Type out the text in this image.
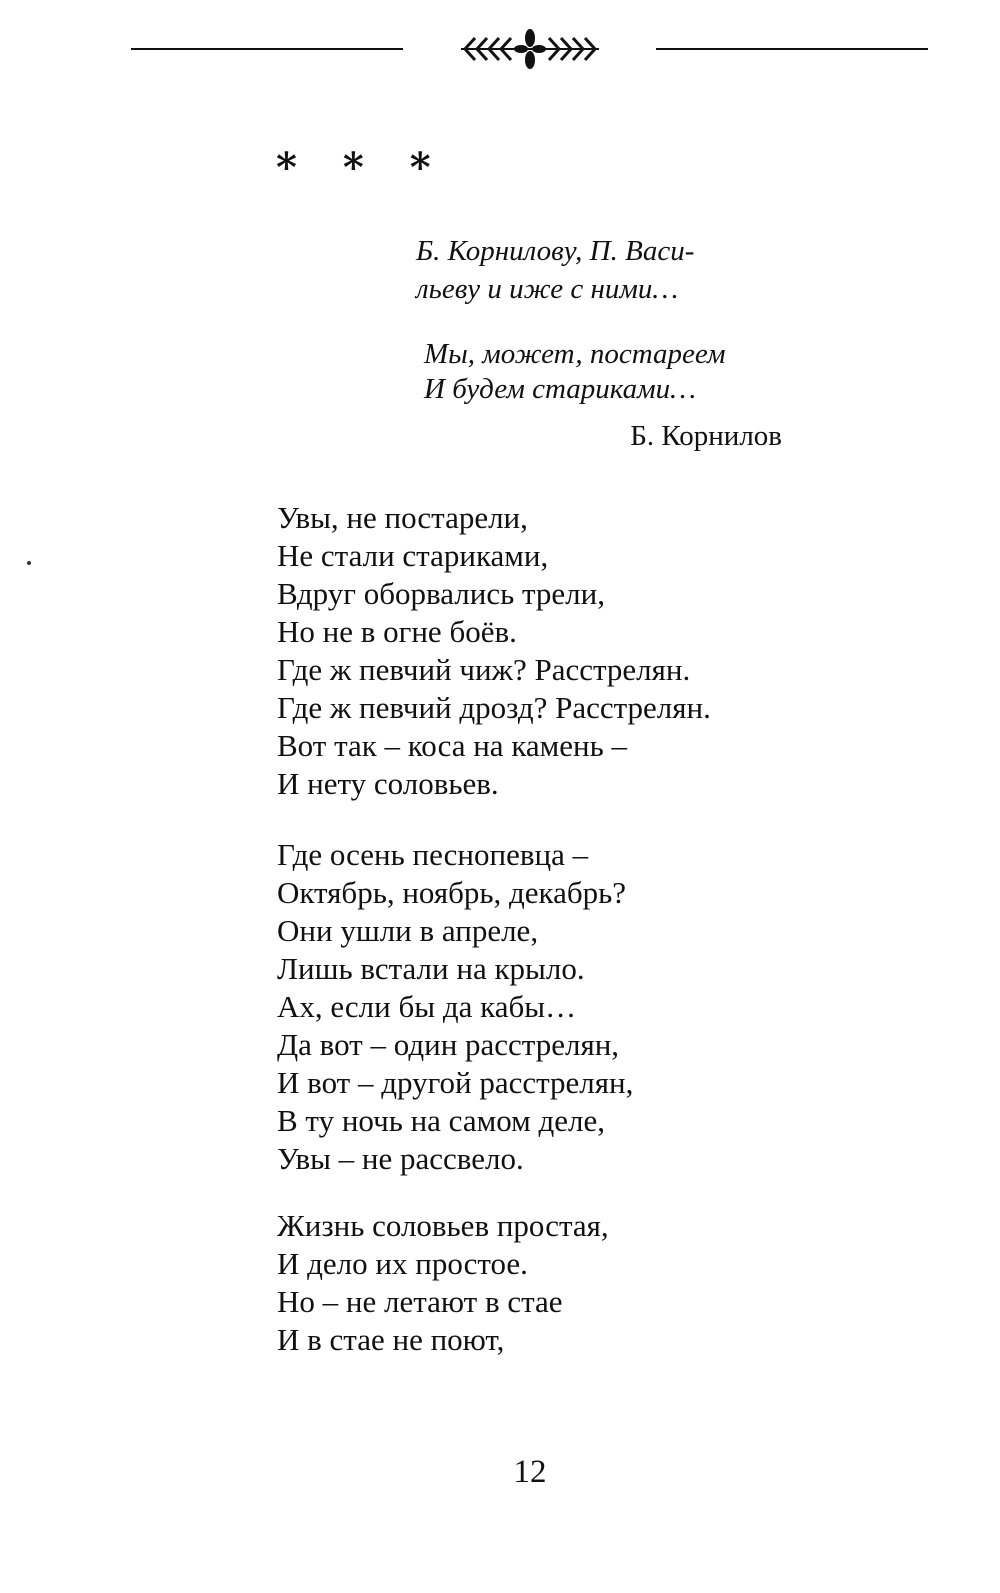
* * *
Б. Корнилову, П. Васи-
льеву и иже с ними…
Мы, может, постареем
И будем стариками…
Б. Корнилов
Увы, не постарели,
Не стали стариками,
Вдруг оборвались трели,
Но не в огне боёв.
Где ж певчий чиж? Расстрелян.
Где ж певчий дрозд? Расстрелян.
Вот так – коса на камень –
И нету соловьев.
Где осень песнопевца –
Октябрь, ноябрь, декабрь?
Они ушли в апреле,
Лишь встали на крыло.
Ах, если бы да кабы…
Да вот – один расстрелян,
И вот – другой расстрелян,
В ту ночь на самом деле,
Увы – не рассвело.
Жизнь соловьев простая,
И дело их простое.
Но – не летают в стае
И в стае не поют,
12
